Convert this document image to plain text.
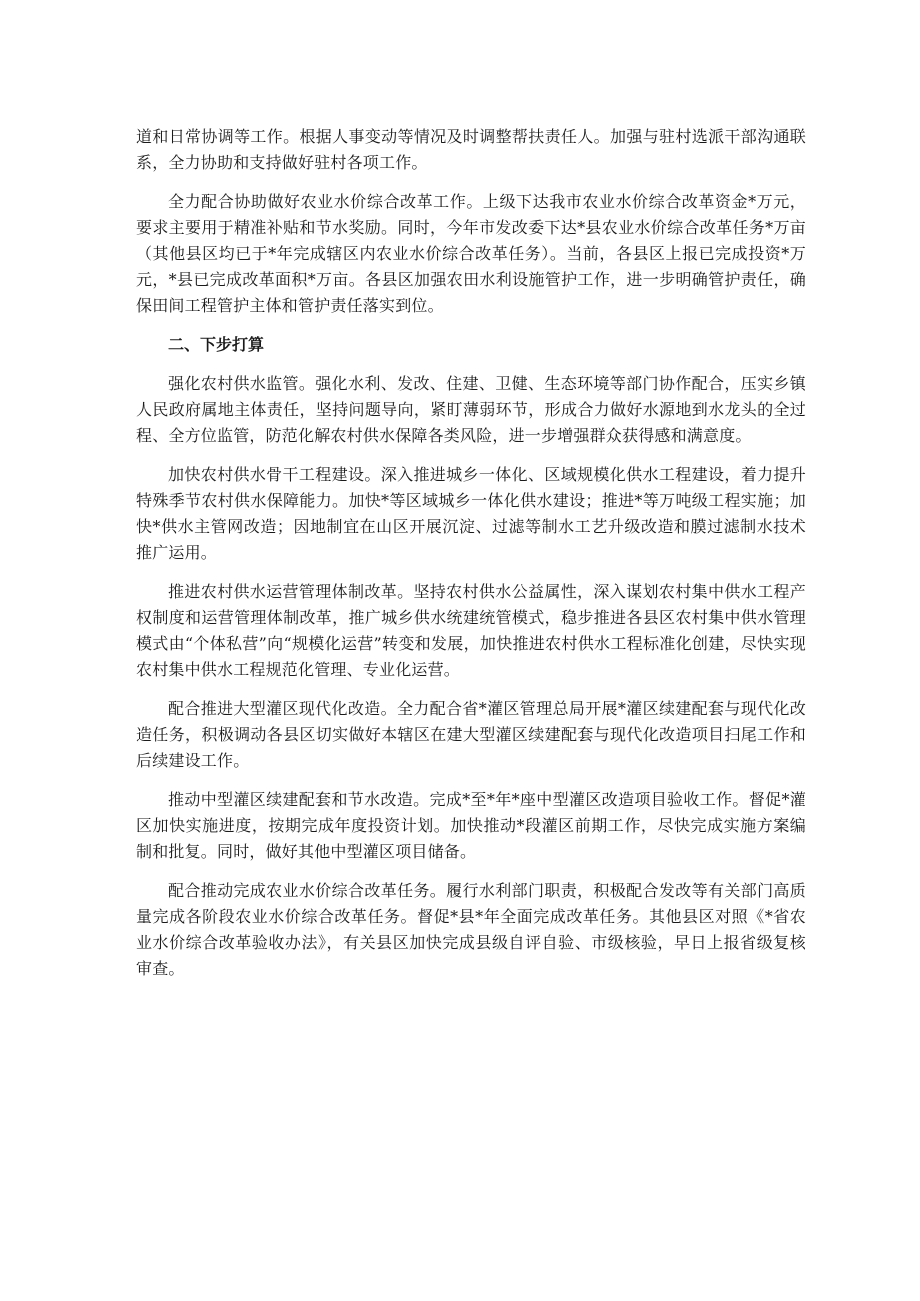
道和日常协调等工作。根据人事变动等情况及时调整帮扶责任人。加强与驻村选派干部沟通联系，全力协助和支持做好驻村各项工作。

全力配合协助做好农业水价综合改革工作。上级下达我市农业水价综合改革资金*万元，要求主要用于精准补贴和节水奖励。同时，今年市发改委下达*县农业水价综合改革任务*万亩（其他县区均已于*年完成辖区内农业水价综合改革任务）。当前，各县区上报已完成投资*万元，*县已完成改革面积*万亩。各县区加强农田水利设施管护工作，进一步明确管护责任，确保田间工程管护主体和管护责任落实到位。

二、下步打算

强化农村供水监管。强化水利、发改、住建、卫健、生态环境等部门协作配合，压实乡镇人民政府属地主体责任，坚持问题导向，紧盯薄弱环节，形成合力做好水源地到水龙头的全过程、全方位监管，防范化解农村供水保障各类风险，进一步增强群众获得感和满意度。

加快农村供水骨干工程建设。深入推进城乡一体化、区域规模化供水工程建设，着力提升特殊季节农村供水保障能力。加快*等区域城乡一体化供水建设；推进*等万吨级工程实施；加快*供水主管网改造；因地制宜在山区开展沉淀、过滤等制水工艺升级改造和膜过滤制水技术推广运用。

推进农村供水运营管理体制改革。坚持农村供水公益属性，深入谋划农村集中供水工程产权制度和运营管理体制改革，推广城乡供水统建统管模式，稳步推进各县区农村集中供水管理模式由“个体私营”向“规模化运营”转变和发展，加快推进农村供水工程标准化创建，尽快实现农村集中供水工程规范化管理、专业化运营。

配合推进大型灌区现代化改造。全力配合省*灌区管理总局开展*灌区续建配套与现代化改造任务，积极调动各县区切实做好本辖区在建大型灌区续建配套与现代化改造项目扫尾工作和后续建设工作。

推动中型灌区续建配套和节水改造。完成*至*年*座中型灌区改造项目验收工作。督促*灌区加快实施进度，按期完成年度投资计划。加快推动*段灌区前期工作，尽快完成实施方案编制和批复。同时，做好其他中型灌区项目储备。

配合推动完成农业水价综合改革任务。履行水利部门职责，积极配合发改等有关部门高质量完成各阶段农业水价综合改革任务。督促*县*年全面完成改革任务。其他县区对照《*省农业水价综合改革验收办法》，有关县区加快完成县级自评自验、市级核验，早日上报省级复核审查。
